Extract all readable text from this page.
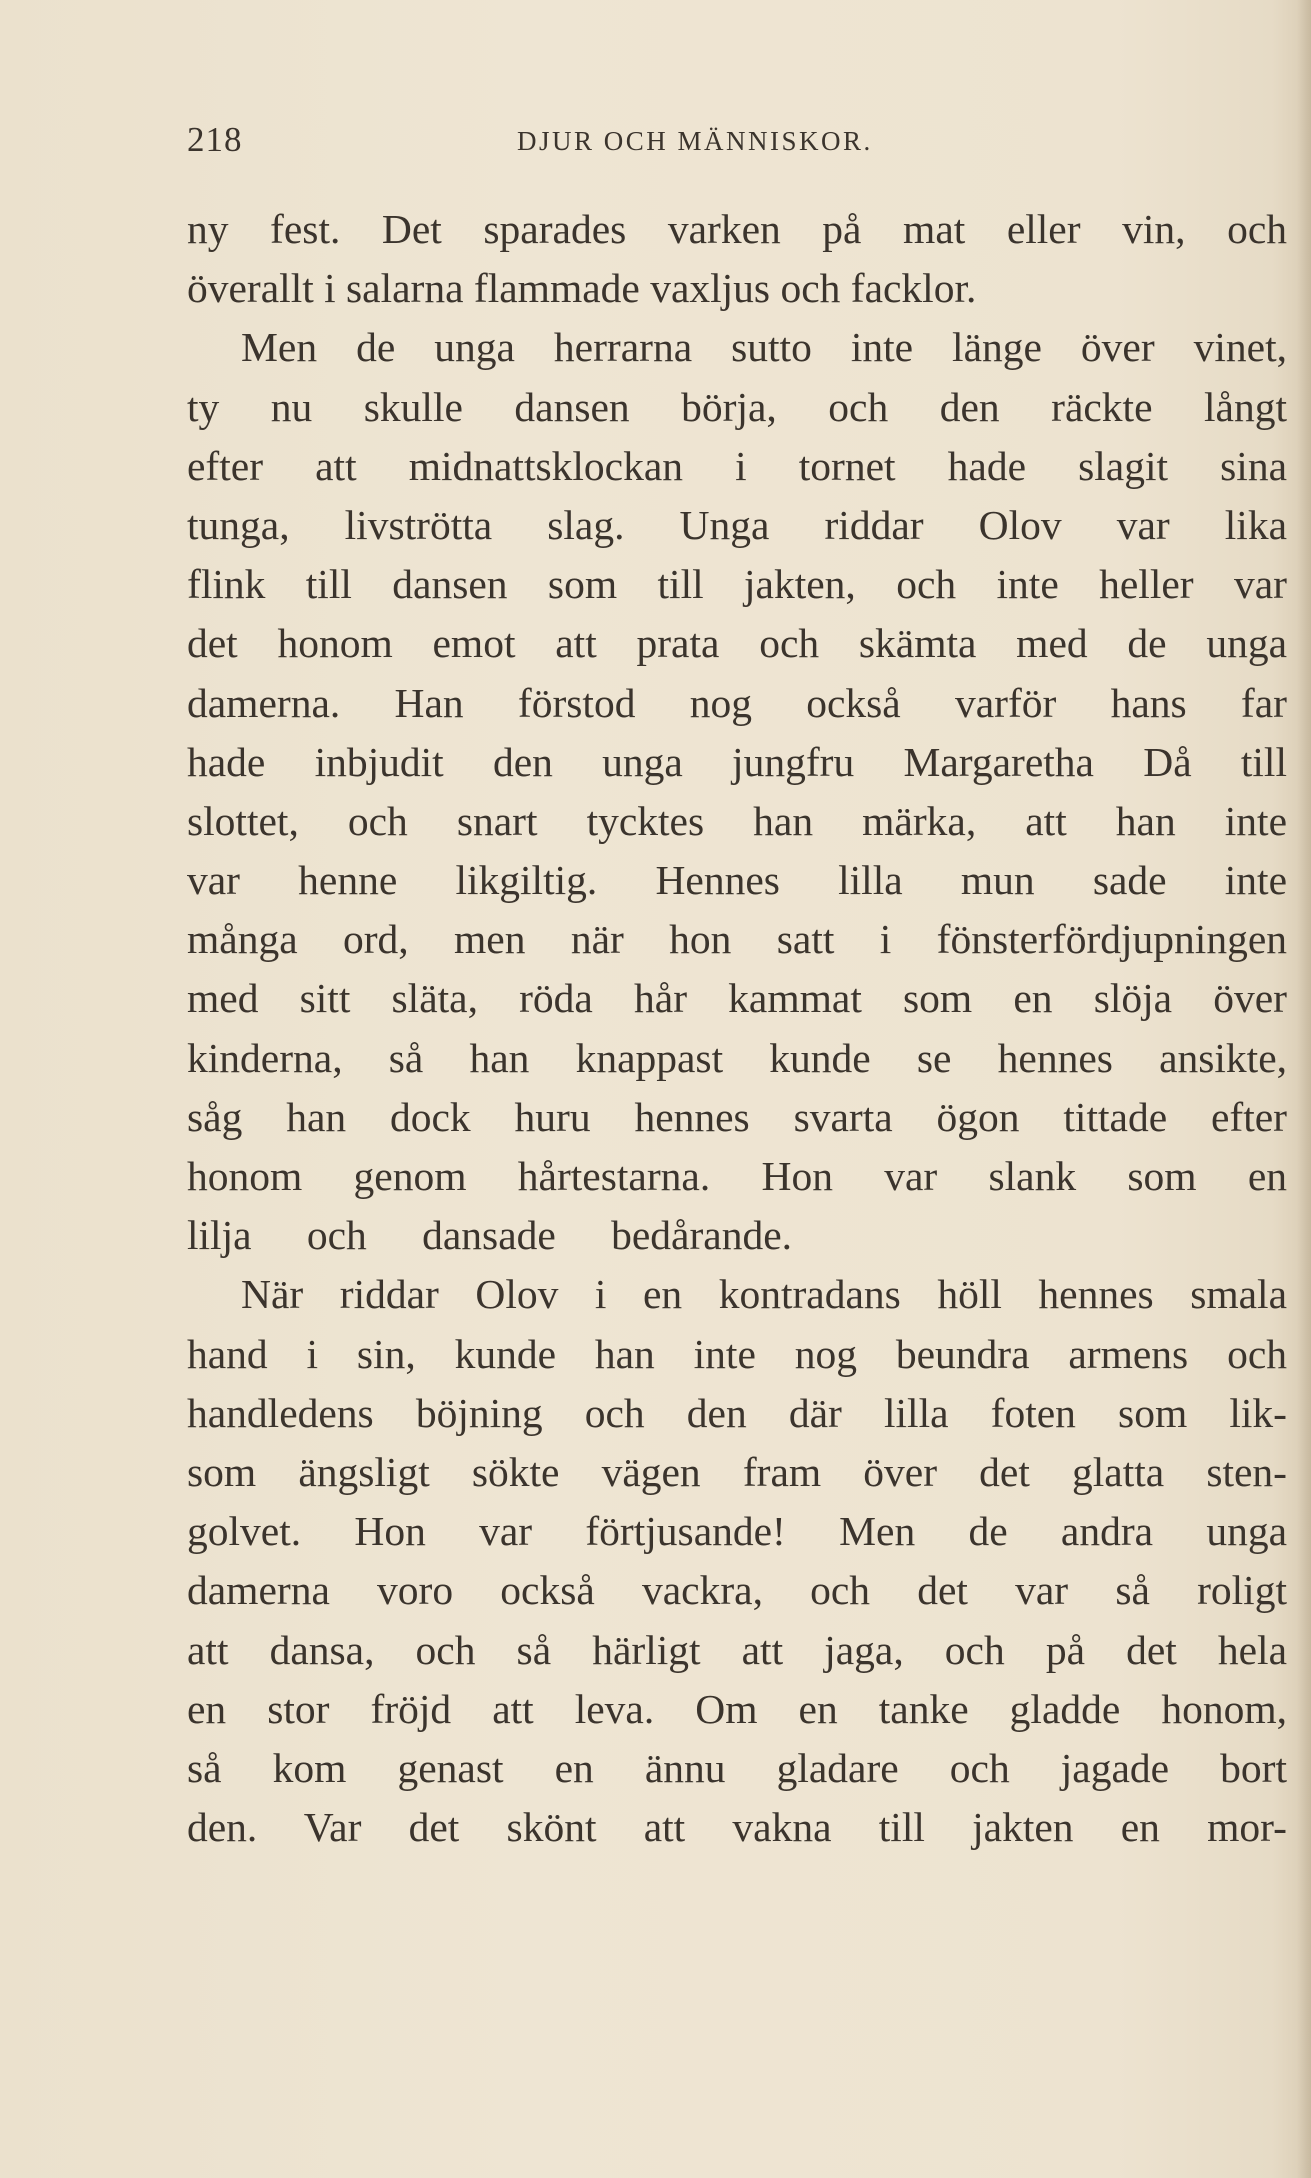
218	DJUR OCH MÄNNISKOR.
ny fest. Det sparades varken på mat eller vin, och
överallt i salarna flammade vaxljus och facklor.
Men de unga herrarna sutto inte länge över vinet,
ty nu skulle dansen börja, och den räckte långt
efter att midnattsklockan i tornet hade slagit sina
tunga, livströtta slag. Unga riddar Olov var lika
flink till dansen som till jakten, och inte heller var
det honom emot att prata och skämta med de unga
damerna. Han förstod nog också varför hans far
hade inbjudit den unga jungfru Margaretha Då till
slottet, och snart tycktes han märka, att han inte
var henne likgiltig. Hennes lilla mun sade inte
många ord, men när hon satt i fönsterfördjupningen
med sitt släta, röda hår kammat som en slöja över
kinderna, så han knappast kunde se hennes ansikte,
såg han dock huru hennes svarta ögon tittade efter
honom genom hårtestarna. Hon var slank som en
lilja och dansade bedårande.
När riddar Olov i en kontradans höll hennes smala
hand i sin, kunde han inte nog beundra armens och
handledens böjning och den där lilla foten som lik-
som ängsligt sökte vägen fram över det glatta sten-
golvet. Hon var förtjusande! Men de andra unga
damerna voro också vackra, och det var så roligt
att dansa, och så härligt att jaga, och på det hela
en stor fröjd att leva. Om en tanke gladde honom,
så kom genast en ännu gladare och jagade bort
den. Var det skönt att vakna till jakten en mor-
